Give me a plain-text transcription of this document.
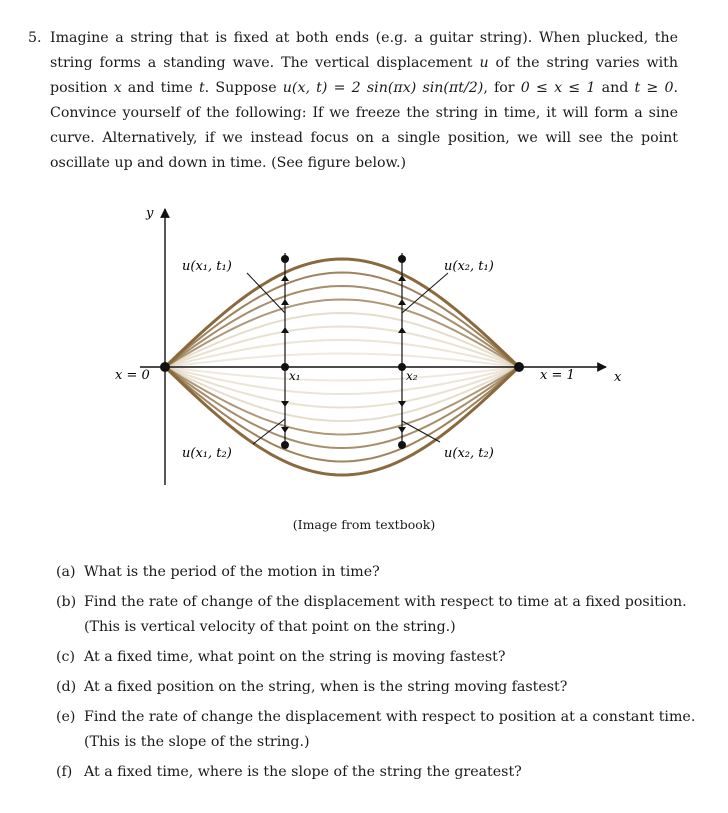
5. Imagine a string that is fixed at both ends (e.g. a guitar string). When plucked, the string forms a standing wave. The vertical displacement u of the string varies with position x and time t. Suppose u(x, t) = 2 sin(πx) sin(πt/2), for 0 ≤ x ≤ 1 and t ≥ 0. Convince yourself of the following: If we freeze the string in time, it will form a sine curve. Alternatively, if we instead focus on a single position, we will see the point oscillate up and down in time. (See figure below.)
y
x
x = 0	x = 1
x₁	x₂
u(x₁, t₁)	u(x₂, t₁)
u(x₁, t₂)	u(x₂, t₂)
(Image from textbook)
(a) What is the period of the motion in time?
(b) Find the rate of change of the displacement with respect to time at a fixed position. (This is vertical velocity of that point on the string.)
(c) At a fixed time, what point on the string is moving fastest?
(d) At a fixed position on the string, when is the string moving fastest?
(e) Find the rate of change the displacement with respect to position at a constant time. (This is the slope of the string.)
(f) At a fixed time, where is the slope of the string the greatest?
